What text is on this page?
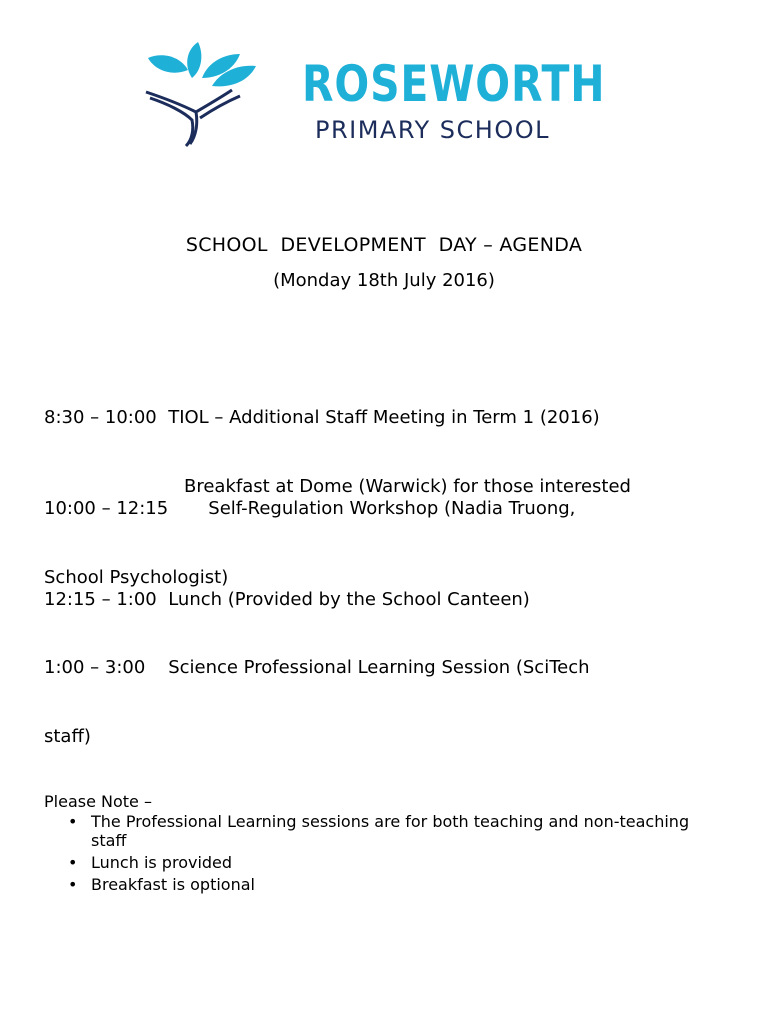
ROSEWORTH
PRIMARY SCHOOL
SCHOOL  DEVELOPMENT  DAY – AGENDA
(Monday 18th July 2016)

8:30 – 10:00 TIOL – Additional Staff Meeting in Term 1 (2016)

Breakfast at Dome (Warwick) for those interested

10:00 – 12:15 Self-Regulation Workshop (Nadia Truong,

School Psychologist)

12:15 – 1:00 Lunch (Provided by the School Canteen)

1:00 – 3:00 Science Professional Learning Session (SciTech

staff)

Please Note –
• The Professional Learning sessions are for both teaching and non-teaching staff
• Lunch is provided
• Breakfast is optional
